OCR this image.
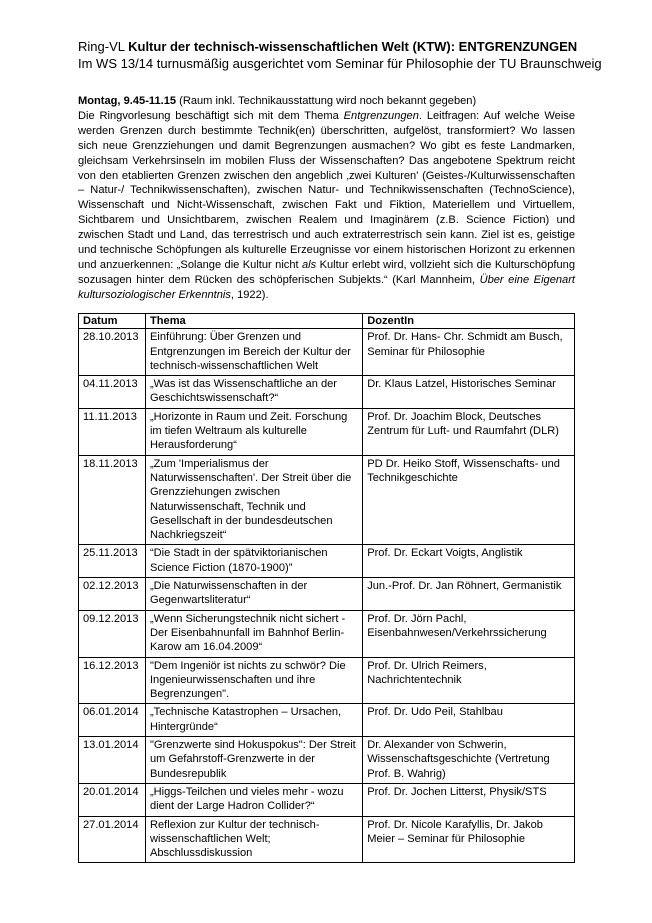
Ring-VL Kultur der technisch-wissenschaftlichen Welt (KTW): ENTGRENZUNGEN
Im WS 13/14 turnusmäßig ausgerichtet vom Seminar für Philosophie der TU Braunschweig
Montag, 9.45-11.15 (Raum inkl. Technikausstattung wird noch bekannt gegeben)
Die Ringvorlesung beschäftigt sich mit dem Thema Entgrenzungen. Leitfragen: Auf welche Weise werden Grenzen durch bestimmte Technik(en) überschritten, aufgelöst, transformiert? Wo lassen sich neue Grenzziehungen und damit Begrenzungen ausmachen? Wo gibt es feste Landmarken, gleichsam Verkehrsinseln im mobilen Fluss der Wissenschaften? Das angebotene Spektrum reicht von den etablierten Grenzen zwischen den angeblich ‚zwei Kulturen' (Geistes-/Kulturwissenschaften – Natur-/ Technikwissenschaften), zwischen Natur- und Technikwissenschaften (TechnoScience), Wissenschaft und Nicht-Wissenschaft, zwischen Fakt und Fiktion, Materiellem und Virtuellem, Sichtbarem und Unsichtbarem, zwischen Realem und Imaginärem (z.B. Science Fiction) und zwischen Stadt und Land, das terrestrisch und auch extraterrestrisch sein kann. Ziel ist es, geistige und technische Schöpfungen als kulturelle Erzeugnisse vor einem historischen Horizont zu erkennen und anzuerkennen: „Solange die Kultur nicht als Kultur erlebt wird, vollzieht sich die Kulturschöpfung sozusagen hinter dem Rücken des schöpferischen Subjekts.“ (Karl Mannheim, Über eine Eigenart kultursoziologischer Erkenntnis, 1922).
Datum	Thema	DozentIn
28.10.2013	Einführung: Über Grenzen und Entgrenzungen im Bereich der Kultur der technisch-wissenschaftlichen Welt	Prof. Dr. Hans- Chr. Schmidt am Busch, Seminar für Philosophie
04.11.2013	„Was ist das Wissenschaftliche an der Geschichtswissenschaft?“	Dr. Klaus Latzel, Historisches Seminar
11.11.2013	„Horizonte in Raum und Zeit. Forschung im tiefen Weltraum als kulturelle Herausforderung“	Prof. Dr. Joachim Block, Deutsches Zentrum für Luft- und Raumfahrt (DLR)
18.11.2013	„Zum 'Imperialismus der Naturwissenschaften'. Der Streit über die Grenzziehungen zwischen Naturwissenschaft, Technik und Gesellschaft in der bundesdeutschen Nachkriegszeit“	PD Dr. Heiko Stoff, Wissenschafts- und Technikgeschichte
25.11.2013	“Die Stadt in der spätviktorianischen Science Fiction (1870-1900)”	Prof. Dr. Eckart Voigts, Anglistik
02.12.2013	„Die Naturwissenschaften in der Gegenwartsliteratur“	Jun.-Prof. Dr. Jan Röhnert, Germanistik
09.12.2013	„Wenn Sicherungstechnik nicht sichert - Der Eisenbahnunfall im Bahnhof Berlin-Karow am 16.04.2009“	Prof. Dr. Jörn Pachl, Eisenbahnwesen/Verkehrssicherung
16.12.2013	"Dem Ingeniör ist nichts zu schwör? Die Ingenieurwissenschaften und ihre Begrenzungen".	Prof. Dr. Ulrich Reimers, Nachrichtentechnik
06.01.2014	„Technische Katastrophen – Ursachen, Hintergründe“	Prof. Dr. Udo Peil, Stahlbau
13.01.2014	"Grenzwerte sind Hokuspokus": Der Streit um Gefahrstoff-Grenzwerte in der Bundesrepublik	Dr. Alexander von Schwerin, Wissenschaftsgeschichte (Vertretung Prof. B. Wahrig)
20.01.2014	„Higgs-Teilchen und vieles mehr - wozu dient der Large Hadron Collider?“	Prof. Dr. Jochen Litterst, Physik/STS
27.01.2014	Reflexion zur Kultur der technisch-wissenschaftlichen Welt; Abschlussdiskussion	Prof. Dr. Nicole Karafyllis, Dr. Jakob Meier – Seminar für Philosophie
